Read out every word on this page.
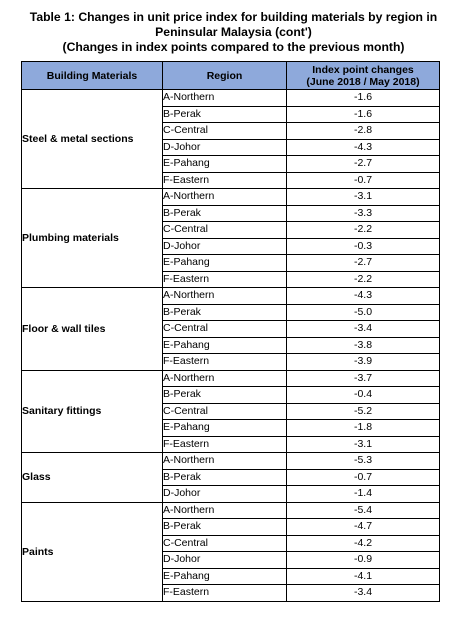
Table 1: Changes in unit price index for building materials by region in
Peninsular Malaysia (cont')
(Changes in index points compared to the previous month)
Building Materials	Region	Index point changes
(June 2018 / May 2018)

Steel & metal sections	A-Northern	-1.6
	B-Perak	-1.6
	C-Central	-2.8
	D-Johor	-4.3
	E-Pahang	-2.7
	F-Eastern	-0.7
Plumbing materials	A-Northern	-3.1
	B-Perak	-3.3
	C-Central	-2.2
	D-Johor	-0.3
	E-Pahang	-2.7
	F-Eastern	-2.2
Floor & wall tiles	A-Northern	-4.3
	B-Perak	-5.0
	C-Central	-3.4
	E-Pahang	-3.8
	F-Eastern	-3.9
Sanitary fittings	A-Northern	-3.7
	B-Perak	-0.4
	C-Central	-5.2
	E-Pahang	-1.8
	F-Eastern	-3.1
Glass	A-Northern	-5.3
	B-Perak	-0.7
	D-Johor	-1.4
Paints	A-Northern	-5.4
	B-Perak	-4.7
	C-Central	-4.2
	D-Johor	-0.9
	E-Pahang	-4.1
	F-Eastern	-3.4
